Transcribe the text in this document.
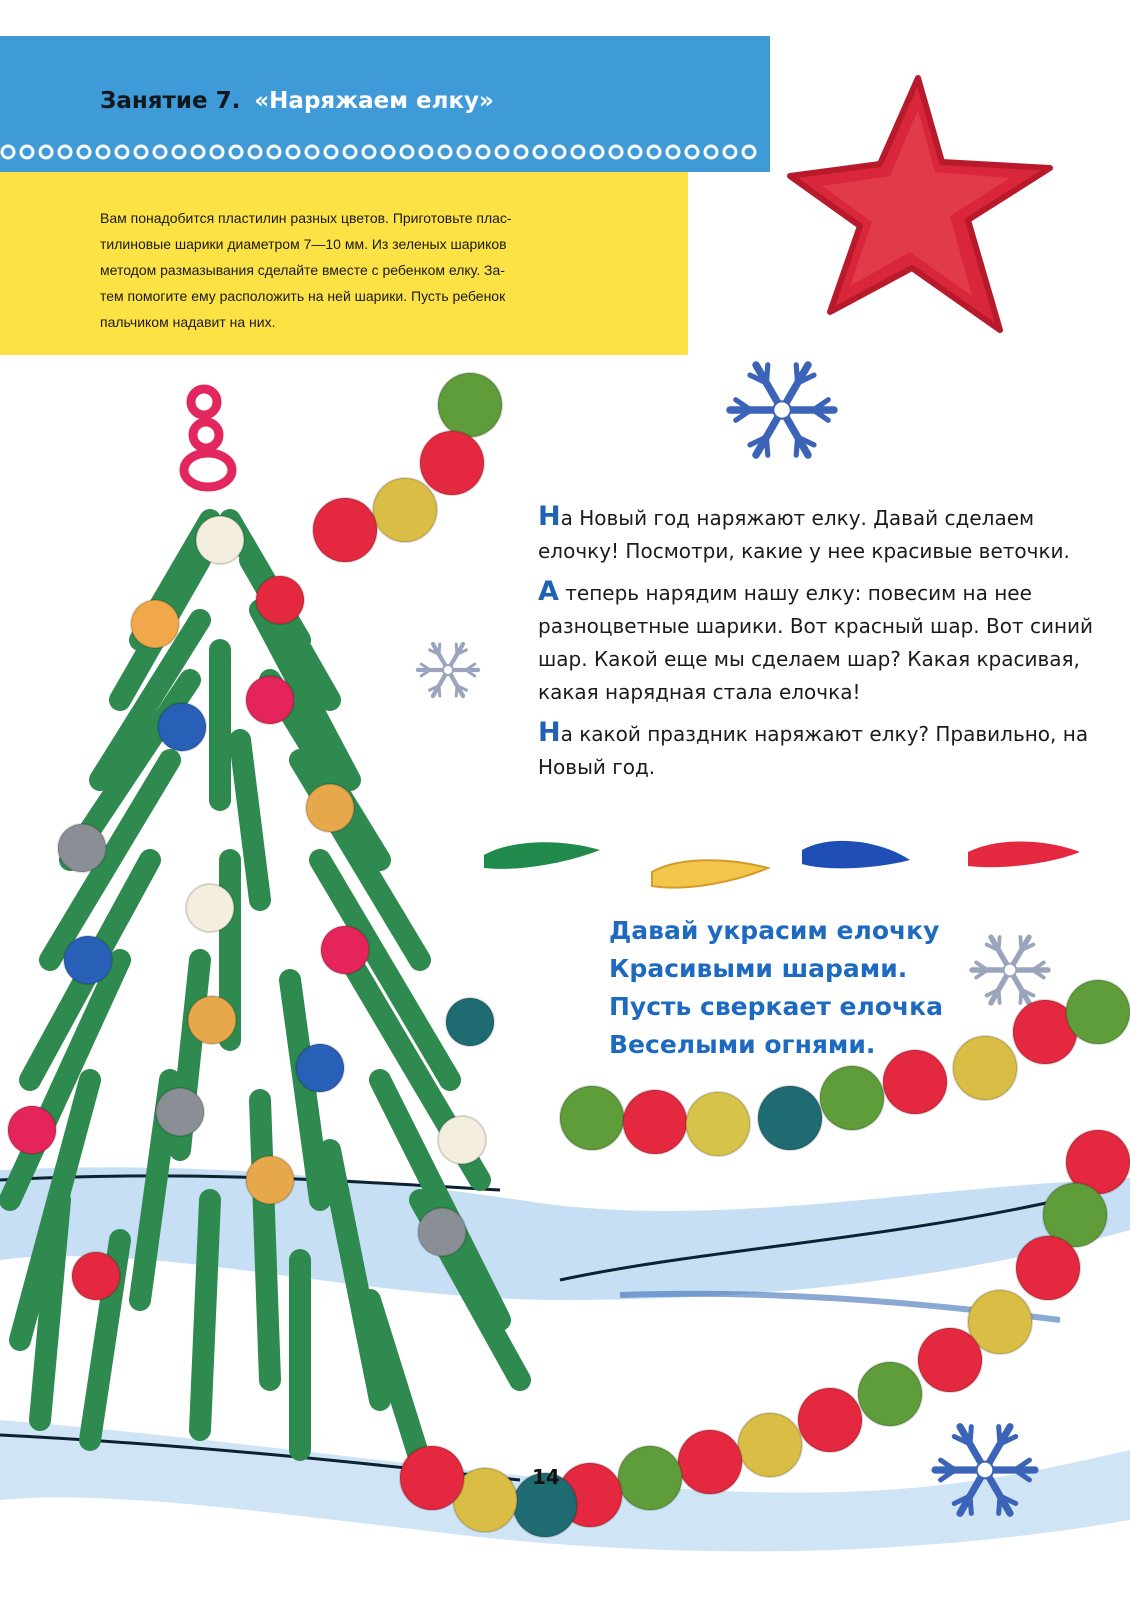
Занятие 7. «Наряжаем елку»

Вам понадобится пластилин разных цветов. Приготовьте плас-

тилиновые шарики диаметром 7—10 мм. Из зеленых шариков

методом размазывания сделайте вместе с ребенком елку. За-

тем помогите ему расположить на ней шарики. Пусть ребенок

пальчиком надавит на них.

На Новый год наряжают елку. Давай сделаем елочку! Посмотри, какие у нее красивые веточки.

А теперь нарядим нашу елку: повесим на нее разноцветные шарики. Вот красный шар. Вот синий шар. Какой еще мы сделаем шар? Какая красивая, какая нарядная стала елочка!

На какой праздник наряжают елку? Правильно, на Новый год.

Давай украсим елочку
Красивыми шарами.
Пусть сверкает елочка
Веселыми огнями.
14
